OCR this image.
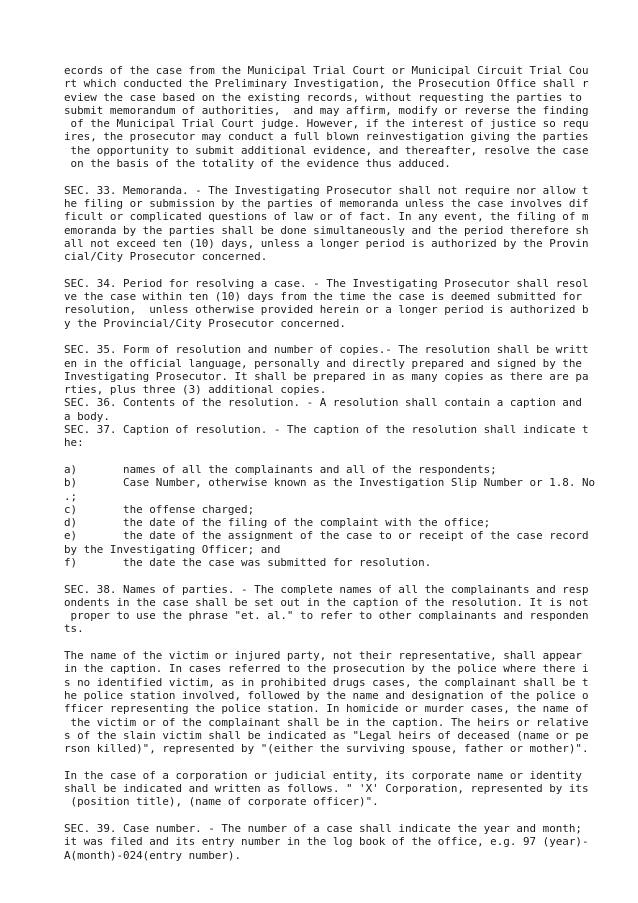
ecords of the case from the Municipal Trial Court or Municipal Circuit Trial Cou
rt which conducted the Preliminary Investigation, the Prosecution Office shall r
eview the case based on the existing records, without requesting the parties to
submit memorandum of authorities,  and may affirm, modify or reverse the finding
of the Municipal Trial Court judge. However, if the interest of justice so requ
ires, the prosecutor may conduct a full blown reinvestigation giving the parties
the opportunity to submit additional evidence, and thereafter, resolve the case
on the basis of the totality of the evidence thus adduced.
SEC. 33. Memoranda. - The Investigating Prosecutor shall not require nor allow t
he filing or submission by the parties of memoranda unless the case involves dif
ficult or complicated questions of law or of fact. In any event, the filing of m
emoranda by the parties shall be done simultaneously and the period therefore sh
all not exceed ten (10) days, unless a longer period is authorized by the Provin
cial/City Prosecutor concerned.
SEC. 34. Period for resolving a case. - The Investigating Prosecutor shall resol
ve the case within ten (10) days from the time the case is deemed submitted for
resolution,  unless otherwise provided herein or a longer period is authorized b
y the Provincial/City Prosecutor concerned.
SEC. 35. Form of resolution and number of copies.- The resolution shall be writt
en in the official language, personally and directly prepared and signed by the
Investigating Prosecutor. It shall be prepared in as many copies as there are pa
rties, plus three (3) additional copies.
SEC. 36. Contents of the resolution. - A resolution shall contain a caption and
a body.
SEC. 37. Caption of resolution. - The caption of the resolution shall indicate t
he:
a)       names of all the complainants and all of the respondents;
b)       Case Number, otherwise known as the Investigation Slip Number or 1.8. No
.;
c)       the offense charged;
d)       the date of the filing of the complaint with the office;
e)       the date of the assignment of the case to or receipt of the case record
by the Investigating Officer; and
f)       the date the case was submitted for resolution.
SEC. 38. Names of parties. - The complete names of all the complainants and resp
ondents in the case shall be set out in the caption of the resolution. It is not
proper to use the phrase "et. al." to refer to other complainants and responden
ts.
The name of the victim or injured party, not their representative, shall appear
in the caption. In cases referred to the prosecution by the police where there i
s no identified victim, as in prohibited drugs cases, the complainant shall be t
he police station involved, followed by the name and designation of the police o
fficer representing the police station. In homicide or murder cases, the name of
the victim or of the complainant shall be in the caption. The heirs or relative
s of the slain victim shall be indicated as "Legal heirs of deceased (name or pe
rson killed)", represented by "(either the surviving spouse, father or mother)".
In the case of a corporation or judicial entity, its corporate name or identity
shall be indicated and written as follows. " 'X' Corporation, represented by its
(position title), (name of corporate officer)".
SEC. 39. Case number. - The number of a case shall indicate the year and month;
it was filed and its entry number in the log book of the office, e.g. 97 (year)-
A(month)-024(entry number).
